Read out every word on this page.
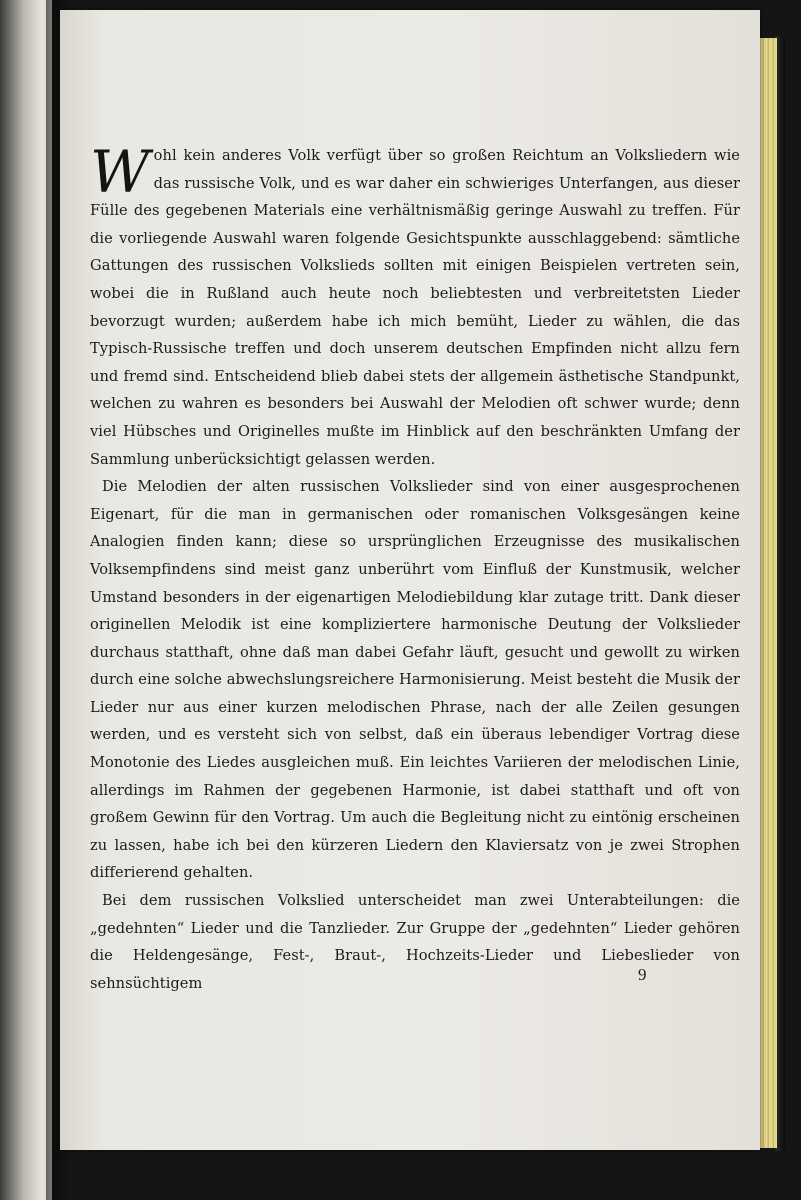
Wohl kein anderes Volk verfügt über so großen Reichtum an Volksliedern wie das russische Volk, und es war daher ein schwieriges Unterfangen, aus dieser Fülle des gegebenen Materials eine verhältnismäßig geringe Auswahl zu treffen. Für die vorliegende Auswahl waren folgende Gesichtspunkte ausschlaggebend: sämtliche Gattungen des russischen Volkslieds sollten mit einigen Beispielen vertreten sein, wobei die in Rußland auch heute noch beliebtesten und verbreitetsten Lieder bevorzugt wurden; außerdem habe ich mich bemüht, Lieder zu wählen, die das Typisch-Russische treffen und doch unserem deutschen Empfinden nicht allzu fern und fremd sind. Entscheidend blieb dabei stets der allgemein ästhetische Standpunkt, welchen zu wahren es besonders bei Auswahl der Melodien oft schwer wurde; denn viel Hübsches und Originelles mußte im Hinblick auf den beschränkten Umfang der Sammlung unberücksichtigt gelassen werden.

Die Melodien der alten russischen Volkslieder sind von einer ausgesprochenen Eigenart, für die man in germanischen oder romanischen Volksgesängen keine Analogien finden kann; diese so ursprünglichen Erzeugnisse des musikalischen Volksempfindens sind meist ganz unberührt vom Einfluß der Kunstmusik, welcher Umstand besonders in der eigenartigen Melodiebildung klar zutage tritt. Dank dieser originellen Melodik ist eine kompliziertere harmonische Deutung der Volkslieder durchaus statthaft, ohne daß man dabei Gefahr läuft, gesucht und gewollt zu wirken durch eine solche abwechslungsreichere Harmonisierung. Meist besteht die Musik der Lieder nur aus einer kurzen melodischen Phrase, nach der alle Zeilen gesungen werden, und es versteht sich von selbst, daß ein überaus lebendiger Vortrag diese Monotonie des Liedes ausgleichen muß. Ein leichtes Variieren der melodischen Linie, allerdings im Rahmen der gegebenen Harmonie, ist dabei statthaft und oft von großem Gewinn für den Vortrag. Um auch die Begleitung nicht zu eintönig erscheinen zu lassen, habe ich bei den kürzeren Liedern den Klaviersatz von je zwei Strophen differierend gehalten.

Bei dem russischen Volkslied unterscheidet man zwei Unterabteilungen: die „gedehnten“ Lieder und die Tanzlieder. Zur Gruppe der „gedehnten“ Lieder gehören die Heldengesänge, Fest-, Braut-, Hochzeits-Lieder und Liebeslieder von sehnsüchtigem	9
